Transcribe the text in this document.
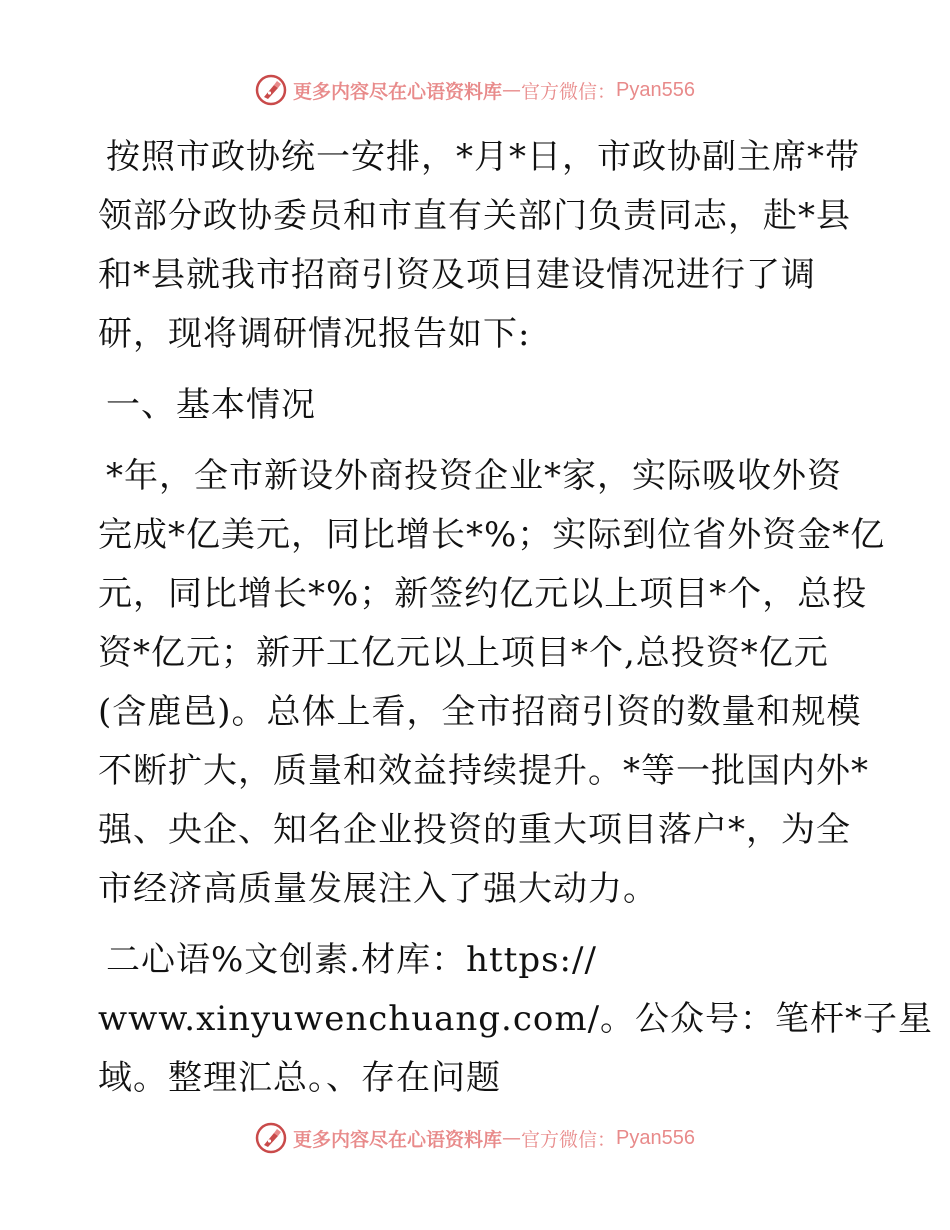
更多内容尽在心语资料库 — 官方微信： Pyan556
按照市政协统一安排，*月*日，市政协副主席*带
领部分政协委员和市直有关部门负责同志，赴*县
和*县就我市招商引资及项目建设情况进行了调
研，现将调研情况报告如下:
一、基本情况
*年，全市新设外商投资企业*家，实际吸收外资
完成*亿美元，同比增长*%；实际到位省外资金*亿
元，同比增长*%；新签约亿元以上项目*个，总投
资*亿元；新开工亿元以上项目*个,总投资*亿元
(含鹿邑)。总体上看，全市招商引资的数量和规模
不断扩大，质量和效益持续提升。*等一批国内外*
强、央企、知名企业投资的重大项目落户*，为全
市经济高质量发展注入了强大动力。
二心语%文创素.材库：https://
www.xinyuwenchuang.com/。公众号：笔杆*子星
域。整理汇总。、存在问题
更多内容尽在心语资料库 — 官方微信： Pyan556
